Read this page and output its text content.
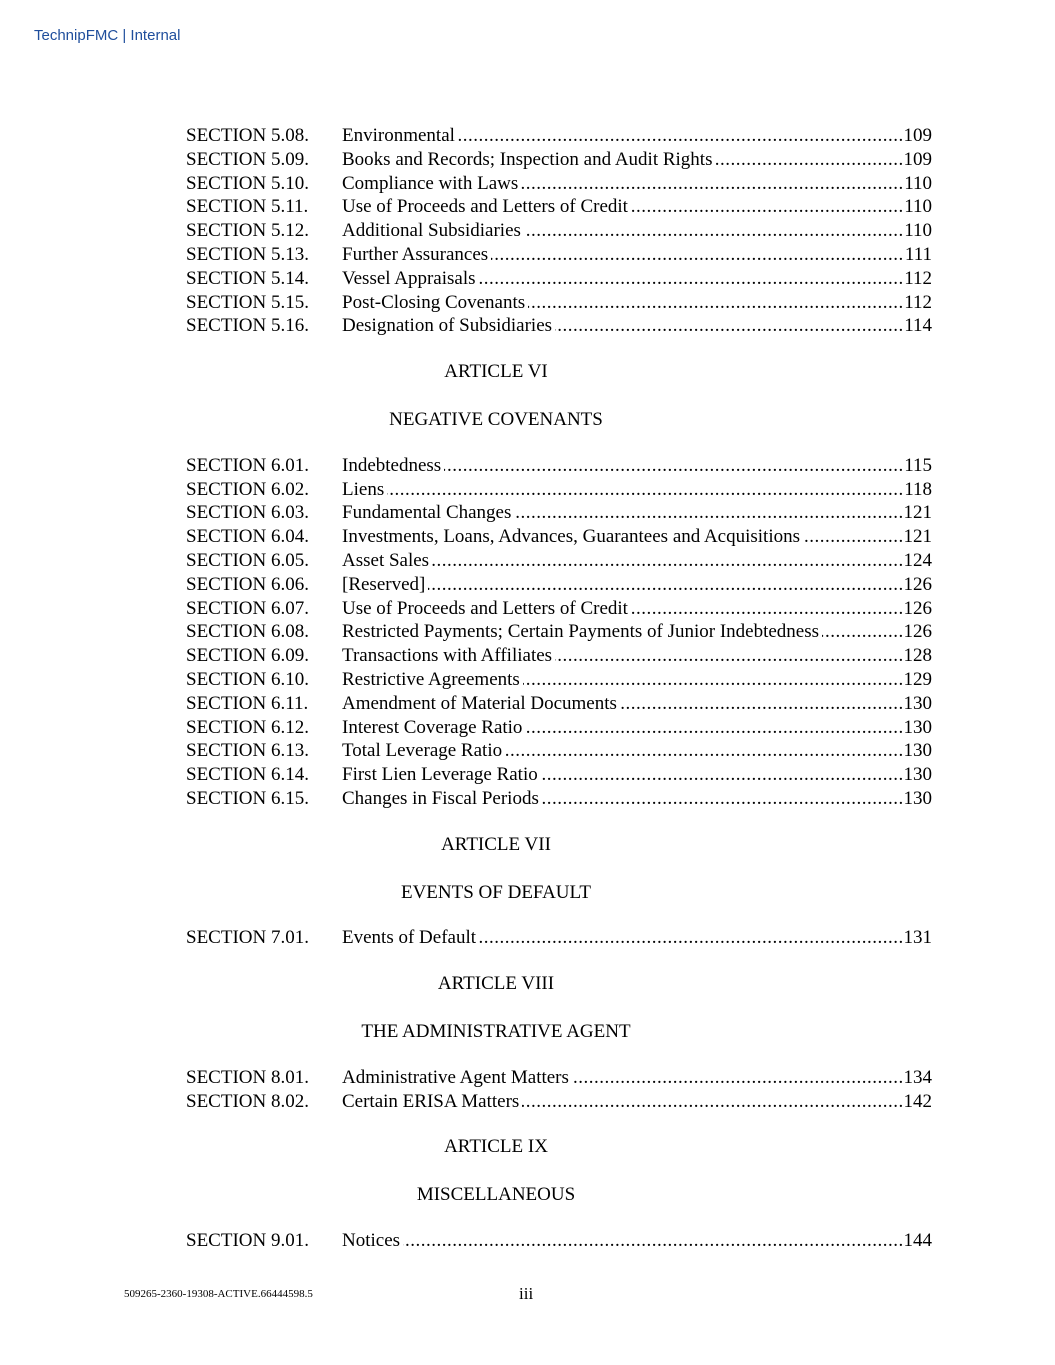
TechnipFMC | Internal
SECTION 5.08.	Environmental .....	109
SECTION 5.09.	Books and Records; Inspection and Audit Rights .....	109
SECTION 5.10.	Compliance with Laws .....	110
SECTION 5.11.	Use of Proceeds and Letters of Credit .....	110
SECTION 5.12.	Additional Subsidiaries .....	110
SECTION 5.13.	Further Assurances .....	111
SECTION 5.14.	Vessel Appraisals .....	112
SECTION 5.15.	Post-Closing Covenants .....	112
SECTION 5.16.	Designation of Subsidiaries .....	114
ARTICLE VI
NEGATIVE COVENANTS
SECTION 6.01.	Indebtedness .....	115
SECTION 6.02.	Liens .....	118
SECTION 6.03.	Fundamental Changes .....	121
SECTION 6.04.	Investments, Loans, Advances, Guarantees and Acquisitions .....	121
SECTION 6.05.	Asset Sales .....	124
SECTION 6.06.	[Reserved] .....	126
SECTION 6.07.	Use of Proceeds and Letters of Credit .....	126
SECTION 6.08.	Restricted Payments; Certain Payments of Junior Indebtedness .....	126
SECTION 6.09.	Transactions with Affiliates .....	128
SECTION 6.10.	Restrictive Agreements .....	129
SECTION 6.11.	Amendment of Material Documents .....	130
SECTION 6.12.	Interest Coverage Ratio .....	130
SECTION 6.13.	Total Leverage Ratio .....	130
SECTION 6.14.	First Lien Leverage Ratio .....	130
SECTION 6.15.	Changes in Fiscal Periods .....	130
ARTICLE VII
EVENTS OF DEFAULT
SECTION 7.01.	Events of Default .....	131
ARTICLE VIII
THE ADMINISTRATIVE AGENT
SECTION 8.01.	Administrative Agent Matters .....	134
SECTION 8.02.	Certain ERISA Matters .....	142
ARTICLE IX
MISCELLANEOUS
SECTION 9.01.	Notices .....	144
509265-2360-19308-ACTIVE.66444598.5	iii
